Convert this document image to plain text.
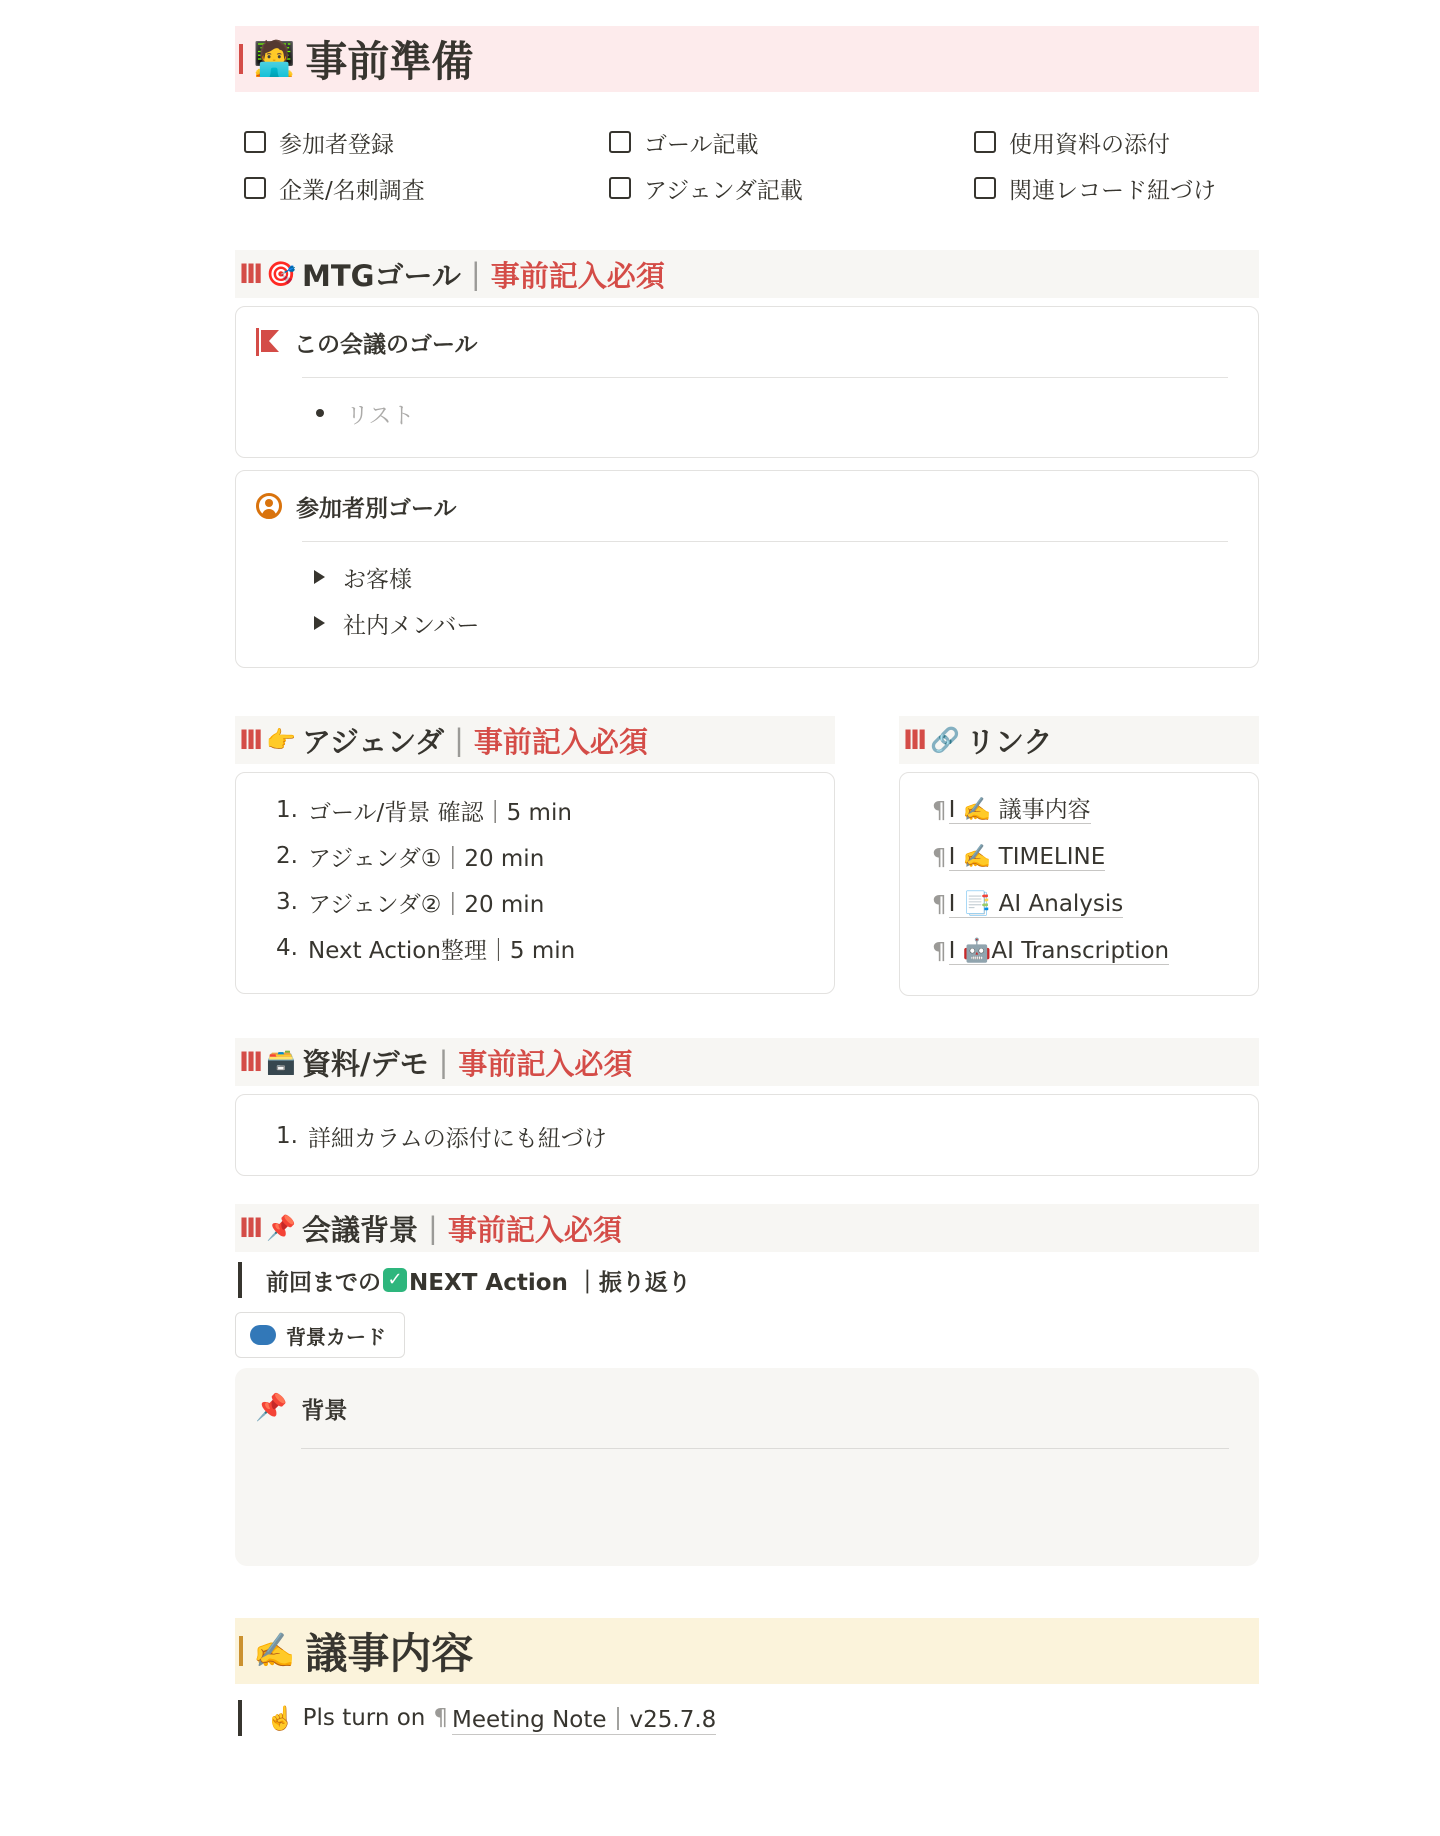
🧑‍💻 事前準備
参加者登録	ゴール記載	使用資料の添付
企業/名刺調査	アジェンダ記載	関連レコード紐づけ
III 🎯 MTGゴール | 事前記入必須
この会議のゴール
リスト
参加者別ゴール
お客様
社内メンバー
III 👉 アジェンダ | 事前記入必須
1. ゴール/背景 確認｜5 min
2. アジェンダ①｜20 min
3. アジェンダ②｜20 min
4. Next Action整理｜5 min
III 🔗 リンク
¶ I ✍️ 議事内容
¶ I ✍️ TIMELINE
¶ I 📑 AI Analysis
¶ I 🤖AI Transcription
III 🗃️ 資料/デモ | 事前記入必須
1. 詳細カラムの添付にも紐づけ
III 📌 会議背景 | 事前記入必須
前回までの ✓ NEXT Action ｜振り返り
背景カード
📌 背景
✍️ 議事内容
☝️ Pls turn on ¶ Meeting Note｜v25.7.8
